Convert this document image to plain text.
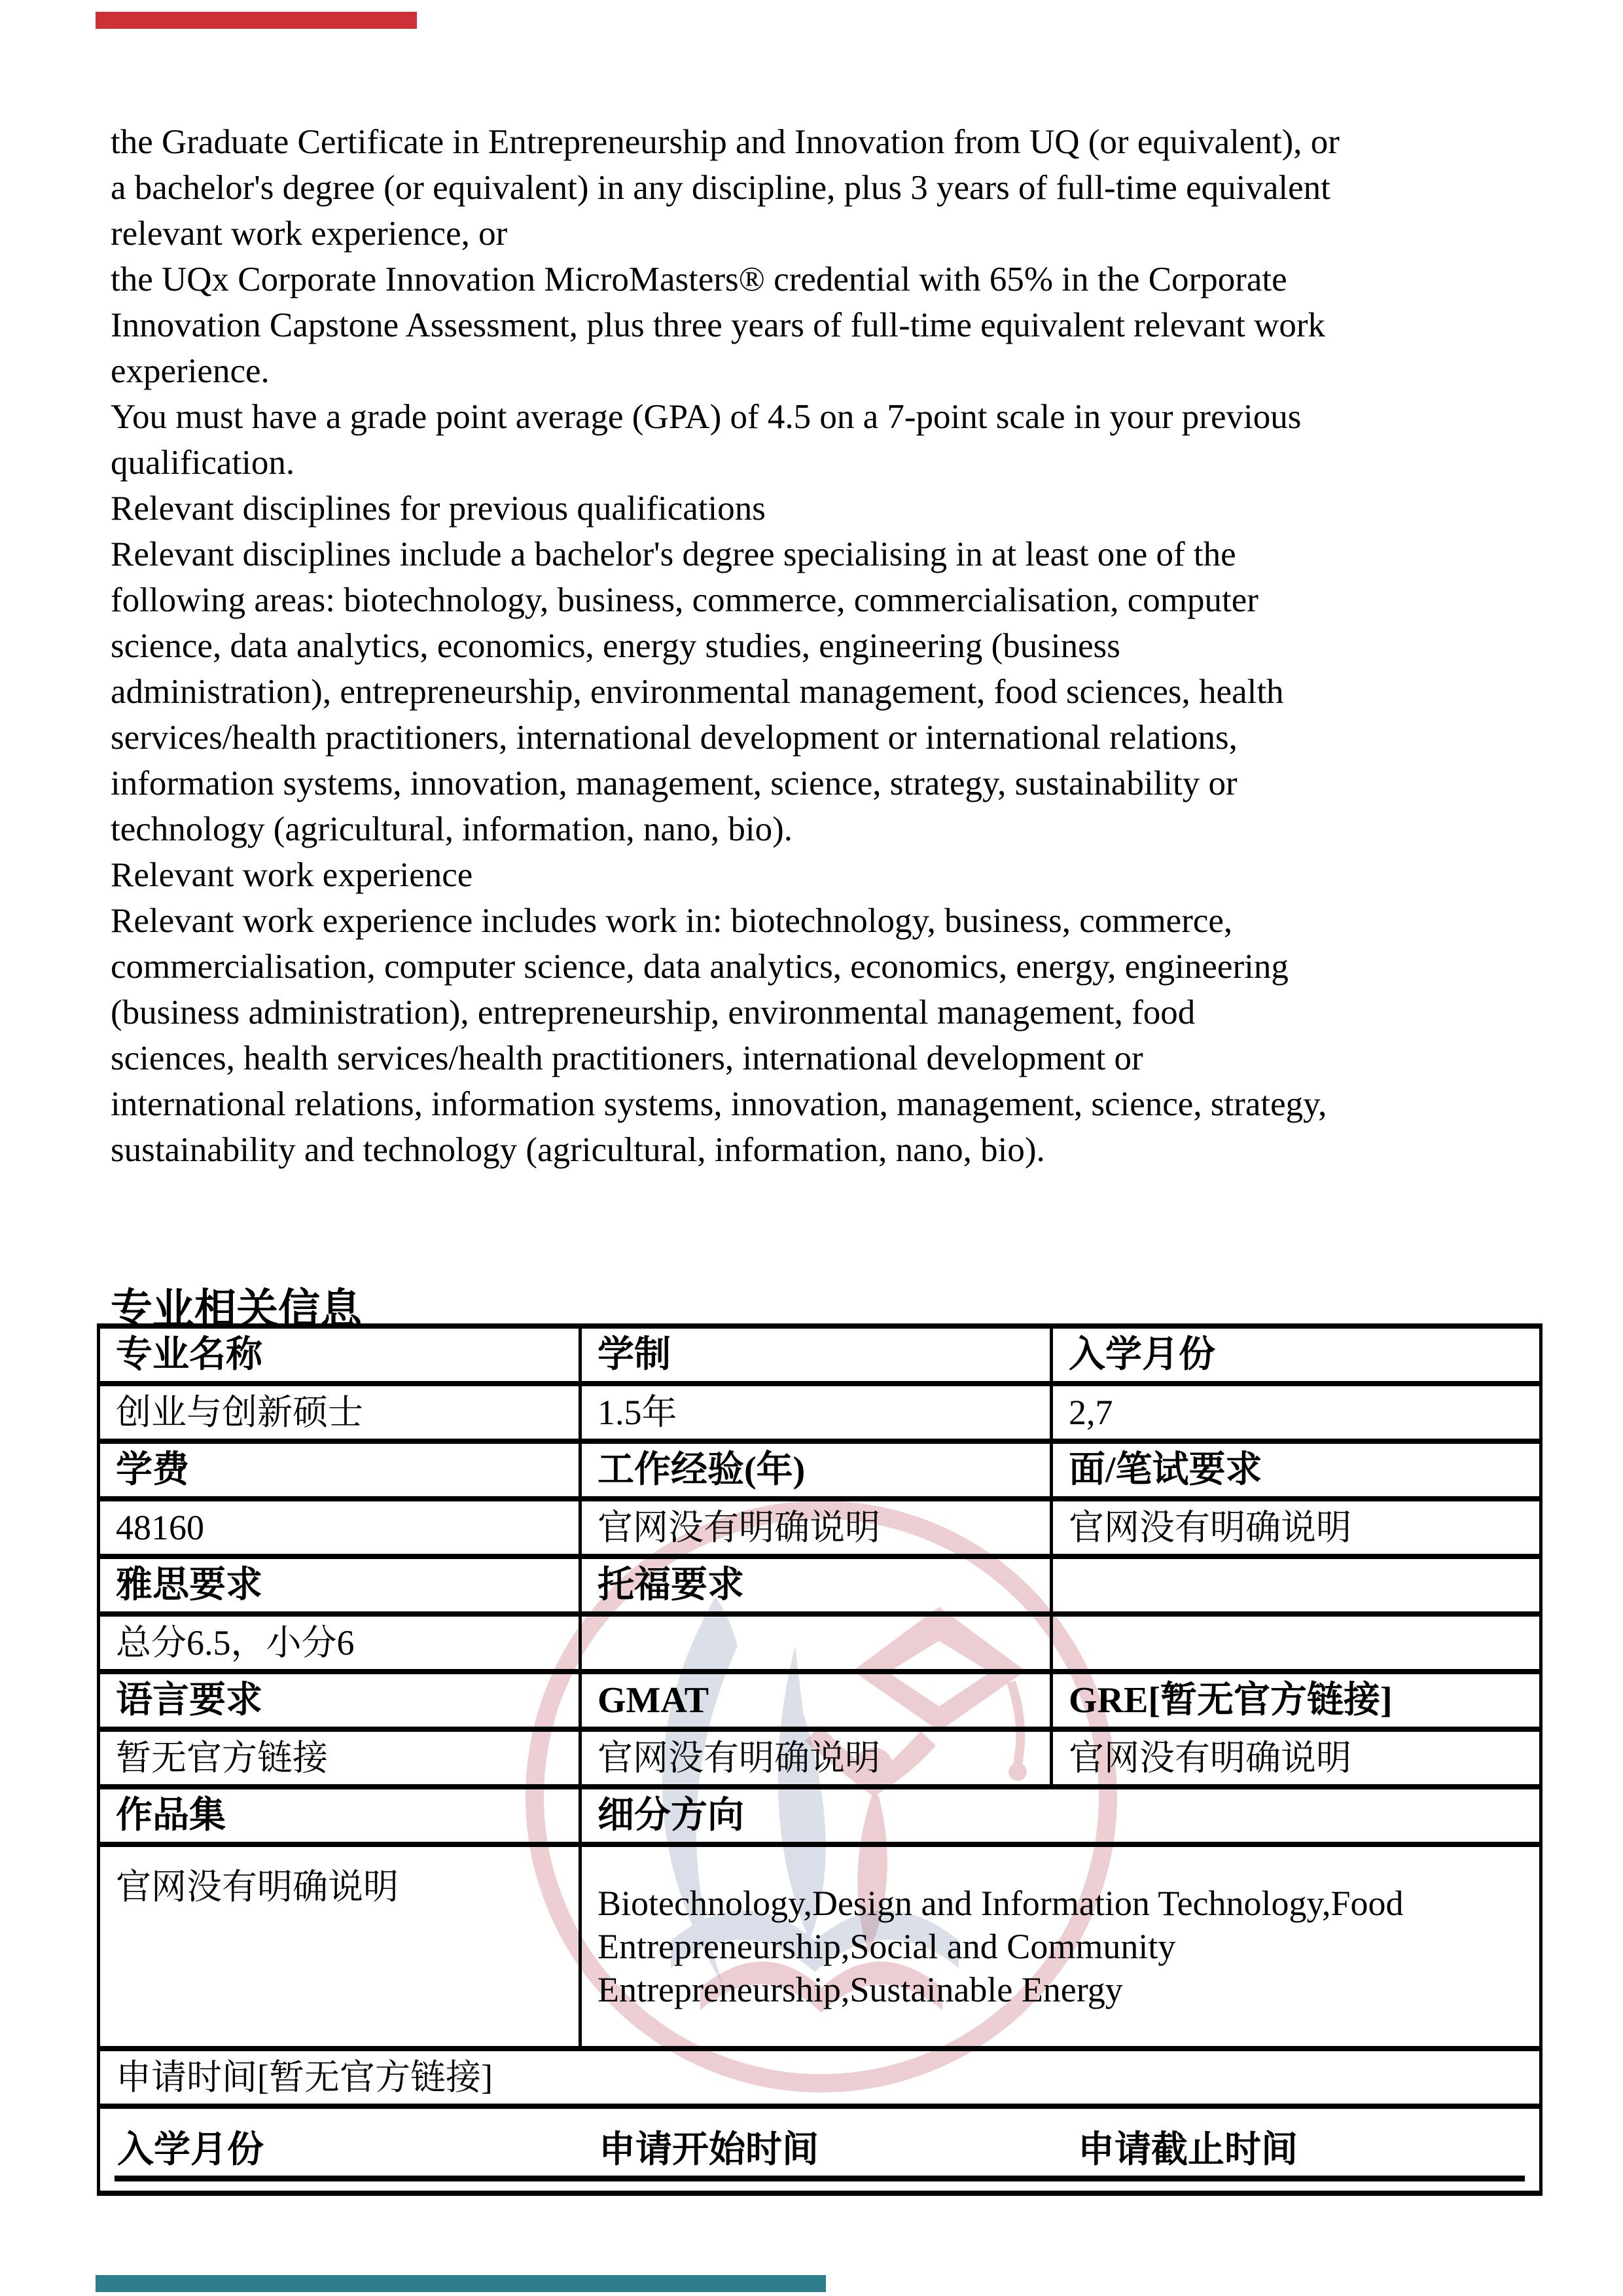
the Graduate Certificate in Entrepreneurship and Innovation from UQ (or equivalent), or
a bachelor's degree (or equivalent) in any discipline, plus 3 years of full-time equivalent
relevant work experience, or
the UQx Corporate Innovation MicroMasters® credential with 65% in the Corporate
Innovation Capstone Assessment, plus three years of full-time equivalent relevant work
experience.
You must have a grade point average (GPA) of 4.5 on a 7-point scale in your previous
qualification.
Relevant disciplines for previous qualifications
Relevant disciplines include a bachelor's degree specialising in at least one of the
following areas: biotechnology, business, commerce, commercialisation, computer
science, data analytics, economics, energy studies, engineering (business
administration), entrepreneurship, environmental management, food sciences, health
services/health practitioners, international development or international relations,
information systems, innovation, management, science, strategy, sustainability or
technology (agricultural, information, nano, bio).
Relevant work experience
Relevant work experience includes work in: biotechnology, business, commerce,
commercialisation, computer science, data analytics, economics, energy, engineering
(business administration), entrepreneurship, environmental management, food
sciences, health services/health practitioners, international development or
international relations, information systems, innovation, management, science, strategy,
sustainability and technology (agricultural, information, nano, bio).
专业相关信息
专业名称	学制	入学月份
创业与创新硕士	1.5年	2,7
学费	工作经验(年)	面/笔试要求
48160	官网没有明确说明	官网没有明确说明
雅思要求	托福要求	
总分6.5，小分6		
语言要求	GMAT	GRE[暂无官方链接]
暂无官方链接	官网没有明确说明	官网没有明确说明
作品集	细分方向	
官网没有明确说明	Biotechnology,Design and Information Technology,Food Entrepreneurship,Social and Community Entrepreneurship,Sustainable Energy	
申请时间[暂无官方链接]		

入学月份 申请开始时间 申请截止时间		
